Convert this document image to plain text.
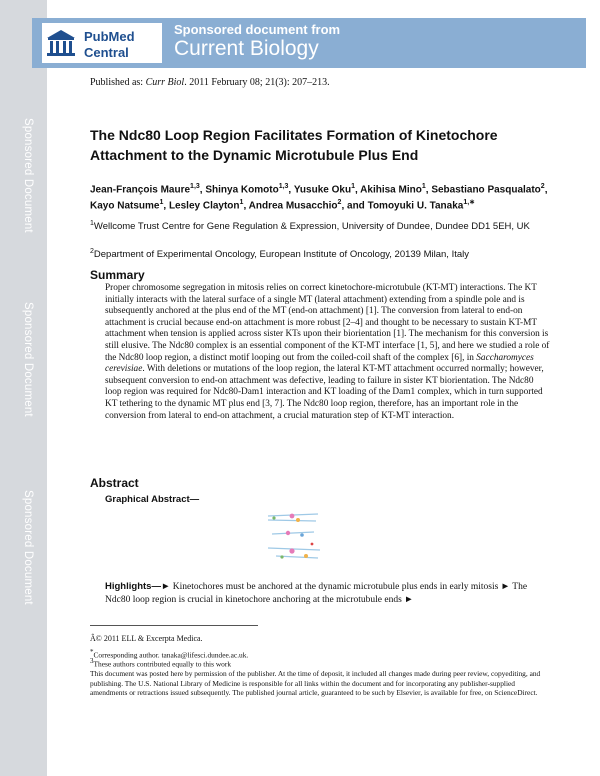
Sponsored Document
Sponsored Document
Sponsored Document
PubMed
Central
Sponsored document from
Current Biology
Published as: Curr Biol. 2011 February 08; 21(3): 207–213.
The Ndc80 Loop Region Facilitates Formation of Kinetochore Attachment to the Dynamic Microtubule Plus End
Jean-François Maure$^{1,3}$, Shinya Komoto$^{1,3}$, Yusuke Oku$^1$, Akihisa Mino$^1$, Sebastiano Pasqualato$^2$, Kayo Natsume$^1$, Lesley Clayton$^1$, Andrea Musacchio$^2$, and Tomoyuki U. Tanaka$^{1,∗}$
$^1$Wellcome Trust Centre for Gene Regulation & Expression, University of Dundee, Dundee DD1 5EH, UK
$^2$Department of Experimental Oncology, European Institute of Oncology, 20139 Milan, Italy
Summary
Proper chromosome segregation in mitosis relies on correct kinetochore-microtubule (KT-MT) interactions. The KT initially interacts with the lateral surface of a single MT (lateral attachment) extending from a spindle pole and is subsequently anchored at the plus end of the MT (end-on attachment) [1]. The conversion from lateral to end-on attachment is crucial because end-on attachment is more robust [2–4] and thought to be necessary to sustain KT-MT attachment when tension is applied across sister KTs upon their biorientation [1]. The mechanism for this conversion is still elusive. The Ndc80 complex is an essential component of the KT-MT interface [1, 5], and here we studied a role of the Ndc80 loop region, a distinct motif looping out from the coiled-coil shaft of the complex [6], in Saccharomyces cerevisiae. With deletions or mutations of the loop region, the lateral KT-MT attachment occurred normally; however, subsequent conversion to end-on attachment was defective, leading to failure in sister KT biorientation. The Ndc80 loop region was required for Ndc80-Dam1 interaction and KT loading of the Dam1 complex, which in turn supported KT tethering to the dynamic MT plus end [3, 7]. The Ndc80 loop region, therefore, has an important role in the conversion from lateral to end-on attachment, a crucial maturation step of KT-MT interaction.
Abstract
Graphical Abstract—
Highlights—► Kinetochores must be anchored at the dynamic microtubule plus ends in early mitosis ► The Ndc80 loop region is crucial in kinetochore anchoring at the microtubule ends ►
Â© 2011 ELL & Excerpta Medica.
*Corresponding author. tanaka@lifesci.dundee.ac.uk.
$^3$These authors contributed equally to this work
This document was posted here by permission of the publisher. At the time of deposit, it included all changes made during peer review, copyediting, and publishing. The U.S. National Library of Medicine is responsible for all links within the document and for incorporating any publisher-supplied amendments or retractions issued subsequently. The published journal article, guaranteed to be such by Elsevier, is available for free, on ScienceDirect.
